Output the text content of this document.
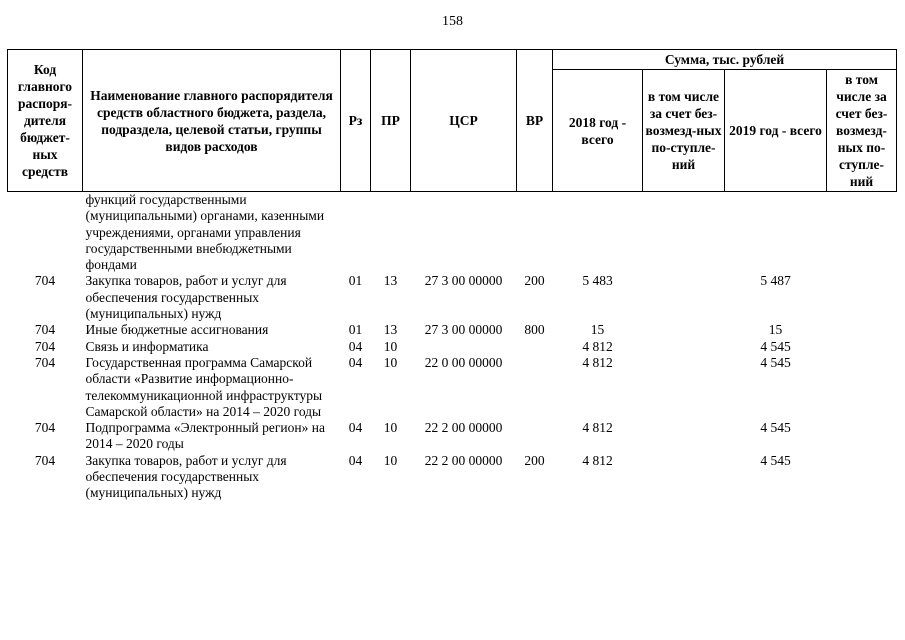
158
Код главного распоря-дителя бюджет-ных средств	Наименование главного распорядителя средств областного бюджета, раздела, подраздела, целевой статьи, группы видов расходов	Рз	ПР	ЦСР	ВР	Сумма, тыс. рублей			
						2018 год - всего	в том числе за счет без-возмезд-ных по-ступле-ний	2019 год - всего	в том числе за счет без-возмезд-ных по-ступле-ний
	функций государственными (муниципальными) органами, казенными учреждениями, органами управления государственными внебюджетными фондами								
704	Закупка товаров, работ и услуг для обеспечения государственных (муниципальных) нужд	01	13	27 3 00 00000	200	5 483		5 487	
704	Иные бюджетные ассигнования	01	13	27 3 00 00000	800	15		15	
704	Связь и информатика	04	10			4 812		4 545	
704	Государственная программа Самарской области «Развитие информационно-телекоммуникационной инфраструктуры Самарской области» на 2014 – 2020 годы	04	10	22 0 00 00000		4 812		4 545	
704	Подпрограмма «Электронный регион» на 2014 – 2020 годы	04	10	22 2 00 00000		4 812		4 545	
704	Закупка товаров, работ и услуг для обеспечения государственных (муниципальных) нужд	04	10	22 2 00 00000	200	4 812		4 545	
